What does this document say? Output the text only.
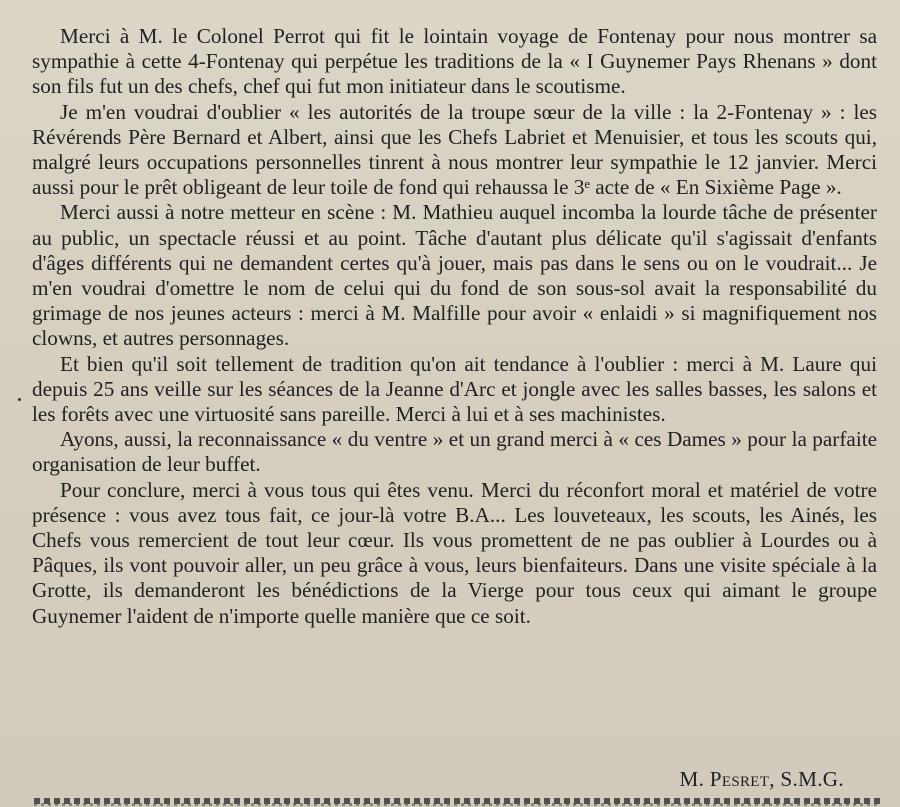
Merci à M. le Colonel Perrot qui fit le lointain voyage de Fontenay pour nous montrer sa sympathie à cette 4-Fontenay qui perpétue les traditions de la « I Guynemer Pays Rhenans » dont son fils fut un des chefs, chef qui fut mon initiateur dans le scoutisme.

Je m'en voudrai d'oublier « les autorités de la troupe sœur de la ville : la 2-Fontenay » : les Révérends Père Bernard et Albert, ainsi que les Chefs Labriet et Menuisier, et tous les scouts qui, malgré leurs occupations personnelles tinrent à nous montrer leur sympathie le 12 janvier. Merci aussi pour le prêt obligeant de leur toile de fond qui rehaussa le 3ᵉ acte de « En Sixième Page ».

Merci aussi à notre metteur en scène : M. Mathieu auquel incomba la lourde tâche de présenter au public, un spectacle réussi et au point. Tâche d'autant plus délicate qu'il s'agissait d'enfants d'âges différents qui ne demandent certes qu'à jouer, mais pas dans le sens ou on le voudrait... Je m'en voudrai d'omettre le nom de celui qui du fond de son sous-sol avait la responsabilité du grimage de nos jeunes acteurs : merci à M. Malfille pour avoir « enlaidi » si magnifiquement nos clowns, et autres personnages.

Et bien qu'il soit tellement de tradition qu'on ait tendance à l'oublier : merci à M. Laure qui depuis 25 ans veille sur les séances de la Jeanne d'Arc et jongle avec les salles basses, les salons et les forêts avec une virtuosité sans pareille. Merci à lui et à ses machinistes.

Ayons, aussi, la reconnaissance « du ventre » et un grand merci à « ces Dames » pour la parfaite organisation de leur buffet.

Pour conclure, merci à vous tous qui êtes venu. Merci du réconfort moral et matériel de votre présence : vous avez tous fait, ce jour-là votre B.A... Les louveteaux, les scouts, les Ainés, les Chefs vous remercient de tout leur cœur. Ils vous promettent de ne pas oublier à Lourdes ou à Pâques, ils vont pouvoir aller, un peu grâce à vous, leurs bienfaiteurs. Dans une visite spéciale à la Grotte, ils demanderont les bénédictions de la Vierge pour tous ceux qui aimant le groupe Guynemer l'aident de n'importe quelle manière que ce soit.

M. Pesret, S.M.G.
